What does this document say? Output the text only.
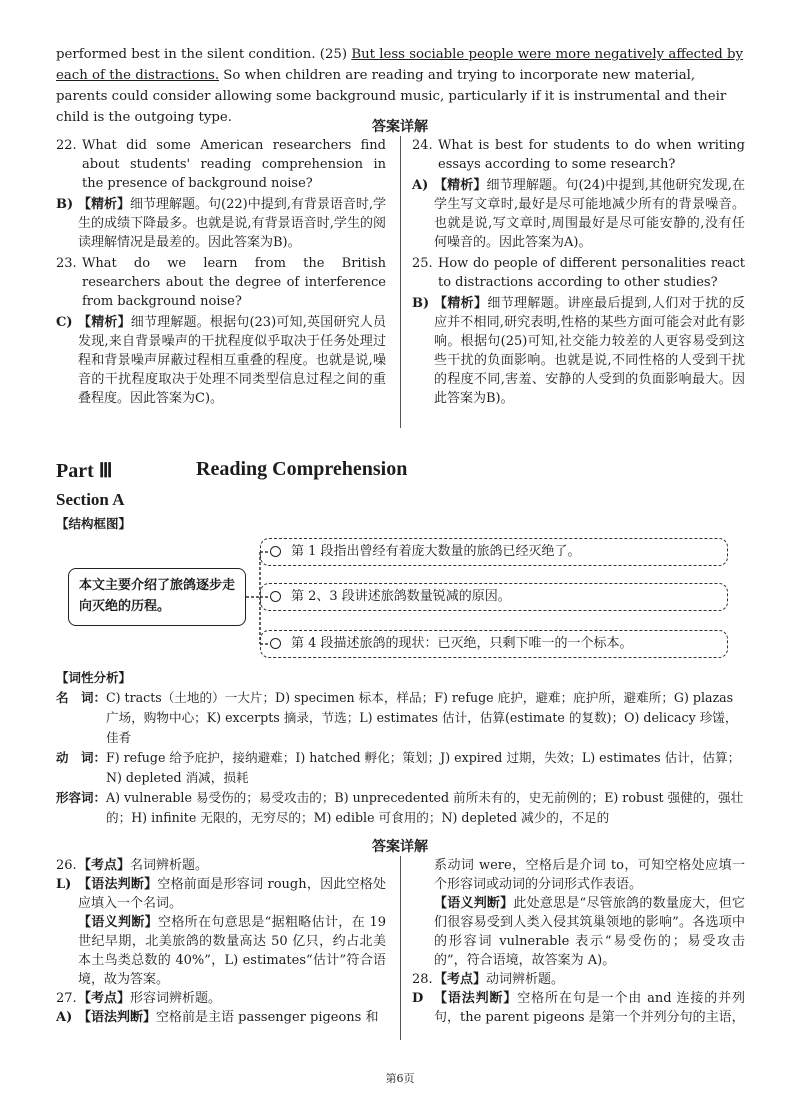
performed best in the silent condition. (25) But less sociable people were more negatively affected by each of the distractions. So when children are reading and trying to incorporate new material, parents could consider allowing some background music, particularly if it is instrumental and their child is the outgoing type.
答案详解
22. What did some American researchers find about students' reading comprehension in the presence of background noise?
B) 【精析】细节理解题。句(22)中提到,有背景语音时,学生的成绩下降最多。也就是说,有背景语音时,学生的阅读理解情况是最差的。因此答案为B)。
23. What do we learn from the British researchers about the degree of interference from background noise?
C) 【精析】细节理解题。根据句(23)可知,英国研究人员发现,来自背景噪声的干扰程度似乎取决于任务处理过程和背景噪声屏蔽过程相互重叠的程度。也就是说,噪音的干扰程度取决于处理不同类型信息过程之间的重叠程度。因此答案为C)。
24. What is best for students to do when writing essays according to some research?
A) 【精析】细节理解题。句(24)中提到,其他研究发现,在学生写文章时,最好是尽可能地减少所有的背景噪音。也就是说,写文章时,周围最好是尽可能安静的,没有任何噪音的。因此答案为A)。
25. How do people of different personalities react to distractions according to other studies?
B) 【精析】细节理解题。讲座最后提到,人们对于扰的反应并不相同,研究表明,性格的某些方面可能会对此有影响。根据句(25)可知,社交能力较差的人更容易受到这些干扰的负面影响。也就是说,不同性格的人受到干扰的程度不同,害羞、安静的人受到的负面影响最大。因此答案为B)。
Part Ⅲ	Reading Comprehension
Section A
【结构框图】
本文主要介绍了旅鸽逐步走向灭绝的历程。
第 1 段指出曾经有着庞大数量的旅鸽已经灭绝了。
第 2、3 段讲述旅鸽数量锐减的原因。
第 4 段描述旅鸽的现状：已灭绝，只剩下唯一的一个标本。
【词性分析】
名　词： C) tracts（土地的）一大片；D) specimen 标本，样品；F) refuge 庇护，避难；庇护所，避难所；G) plazas 广场，购物中心；K) excerpts 摘录，节选；L) estimates 估计，估算(estimate 的复数)；O) delicacy 珍馐，佳肴
动　词： F) refuge 给予庇护，接纳避难；I) hatched 孵化；策划；J) expired 过期，失效；L) estimates 估计，估算；N) depleted 消减，损耗
形容词： A) vulnerable 易受伤的；易受攻击的；B) unprecedented 前所未有的，史无前例的；E) robust 强健的，强壮的；H) infinite 无限的，无穷尽的；M) edible 可食用的；N) depleted 减少的，不足的
答案详解
26. 【考点】名词辨析题。
L) 【语法判断】空格前面是形容词 rough，因此空格处应填入一个名词。
【语义判断】空格所在句意思是“据粗略估计，在 19 世纪早期，北美旅鸽的数量高达 50 亿只，约占北美本土鸟类总数的 40%”，L) estimates“估计”符合语境，故为答案。
27. 【考点】形容词辨析题。
A) 【语法判断】空格前是主语 passenger pigeons 和
系动词 were，空格后是介词 to，可知空格处应填一个形容词或动词的分词形式作表语。
【语义判断】此处意思是“尽管旅鸽的数量庞大，但它们很容易受到人类入侵其筑巢领地的影响”。各选项中的形容词 vulnerable 表示“易受伤的；易受攻击的”，符合语境，故答案为 A)。
28. 【考点】动词辨析题。
D 【语法判断】空格所在句是一个由 and 连接的并列句，the parent pigeons 是第一个并列分句的主语，
第6页
